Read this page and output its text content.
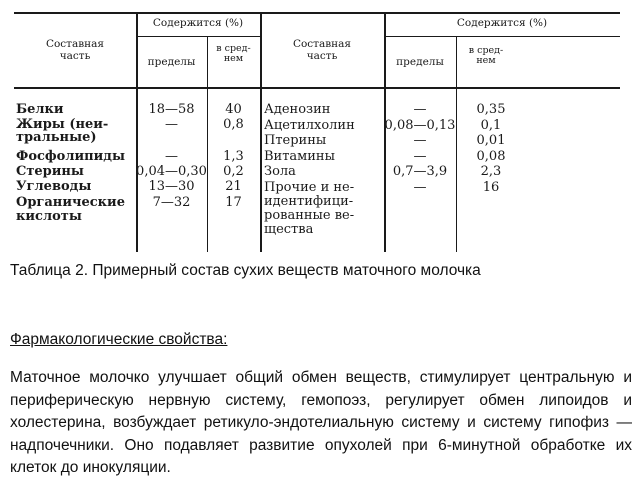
Составная
часть
Содержится (%)
пределы
в сред-
нем
Составная
часть
Содержится (%)
пределы
в сред-
нем
Белки	18—58	40
Жиры (неи-
тральные)
—	0,8
Фосфолипиды	—	1,3
Стерины	0,04—0,30	0,2
Углеводы	13—30	21
Органические
кислоты
7—32	17
Аденозин	—	0,35
Ацетилхолин 0,08—0,13	0,1
Птерины	—	0,01
Витамины	—	0,08
Зола	0,7—3,9	2,3
Прочие и не-
идентифици-
рованные ве-
щества
—	16
Таблица 2. Примерный состав сухих веществ маточного молочка
Фармакологические свойства:
Маточное молочко улучшает общий обмен веществ, стимулирует центральную и периферическую нервную систему, гемопоэз, регулирует обмен липоидов и холестерина, возбуждает ретикуло-эндотелиальную систему и систему гипофиз — надпочечники. Оно подавляет развитие опухолей при 6-минутной обработке их клеток до инокуляции.
